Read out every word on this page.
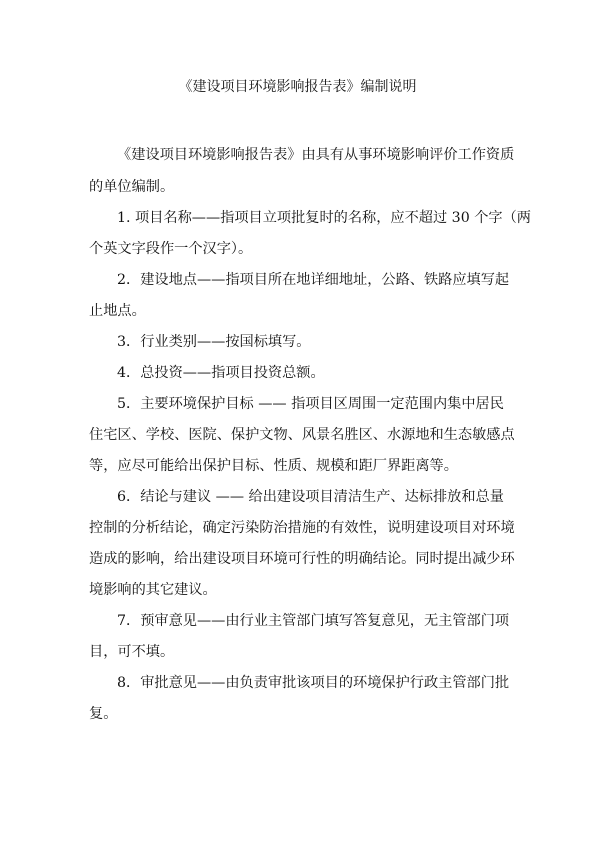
《建设项目环境影响报告表》编制说明
《建设项目环境影响报告表》由具有从事环境影响评价工作资质
的单位编制。
1. 项目名称——指项目立项批复时的名称，应不超过 30 个字（两
个英文字段作一个汉字）。
2．建设地点——指项目所在地详细地址，公路、铁路应填写起
止地点。
3．行业类别——按国标填写。
4．总投资——指项目投资总额。
5．主要环境保护目标 —— 指项目区周围一定范围内集中居民
住宅区、学校、医院、保护文物、风景名胜区、水源地和生态敏感点
等，应尽可能给出保护目标、性质、规模和距厂界距离等。
6．结论与建议 —— 给出建设项目清洁生产、达标排放和总量
控制的分析结论，确定污染防治措施的有效性，说明建设项目对环境
造成的影响，给出建设项目环境可行性的明确结论。同时提出减少环
境影响的其它建议。
7．预审意见——由行业主管部门填写答复意见，无主管部门项
目，可不填。
8．审批意见——由负责审批该项目的环境保护行政主管部门批
复。
